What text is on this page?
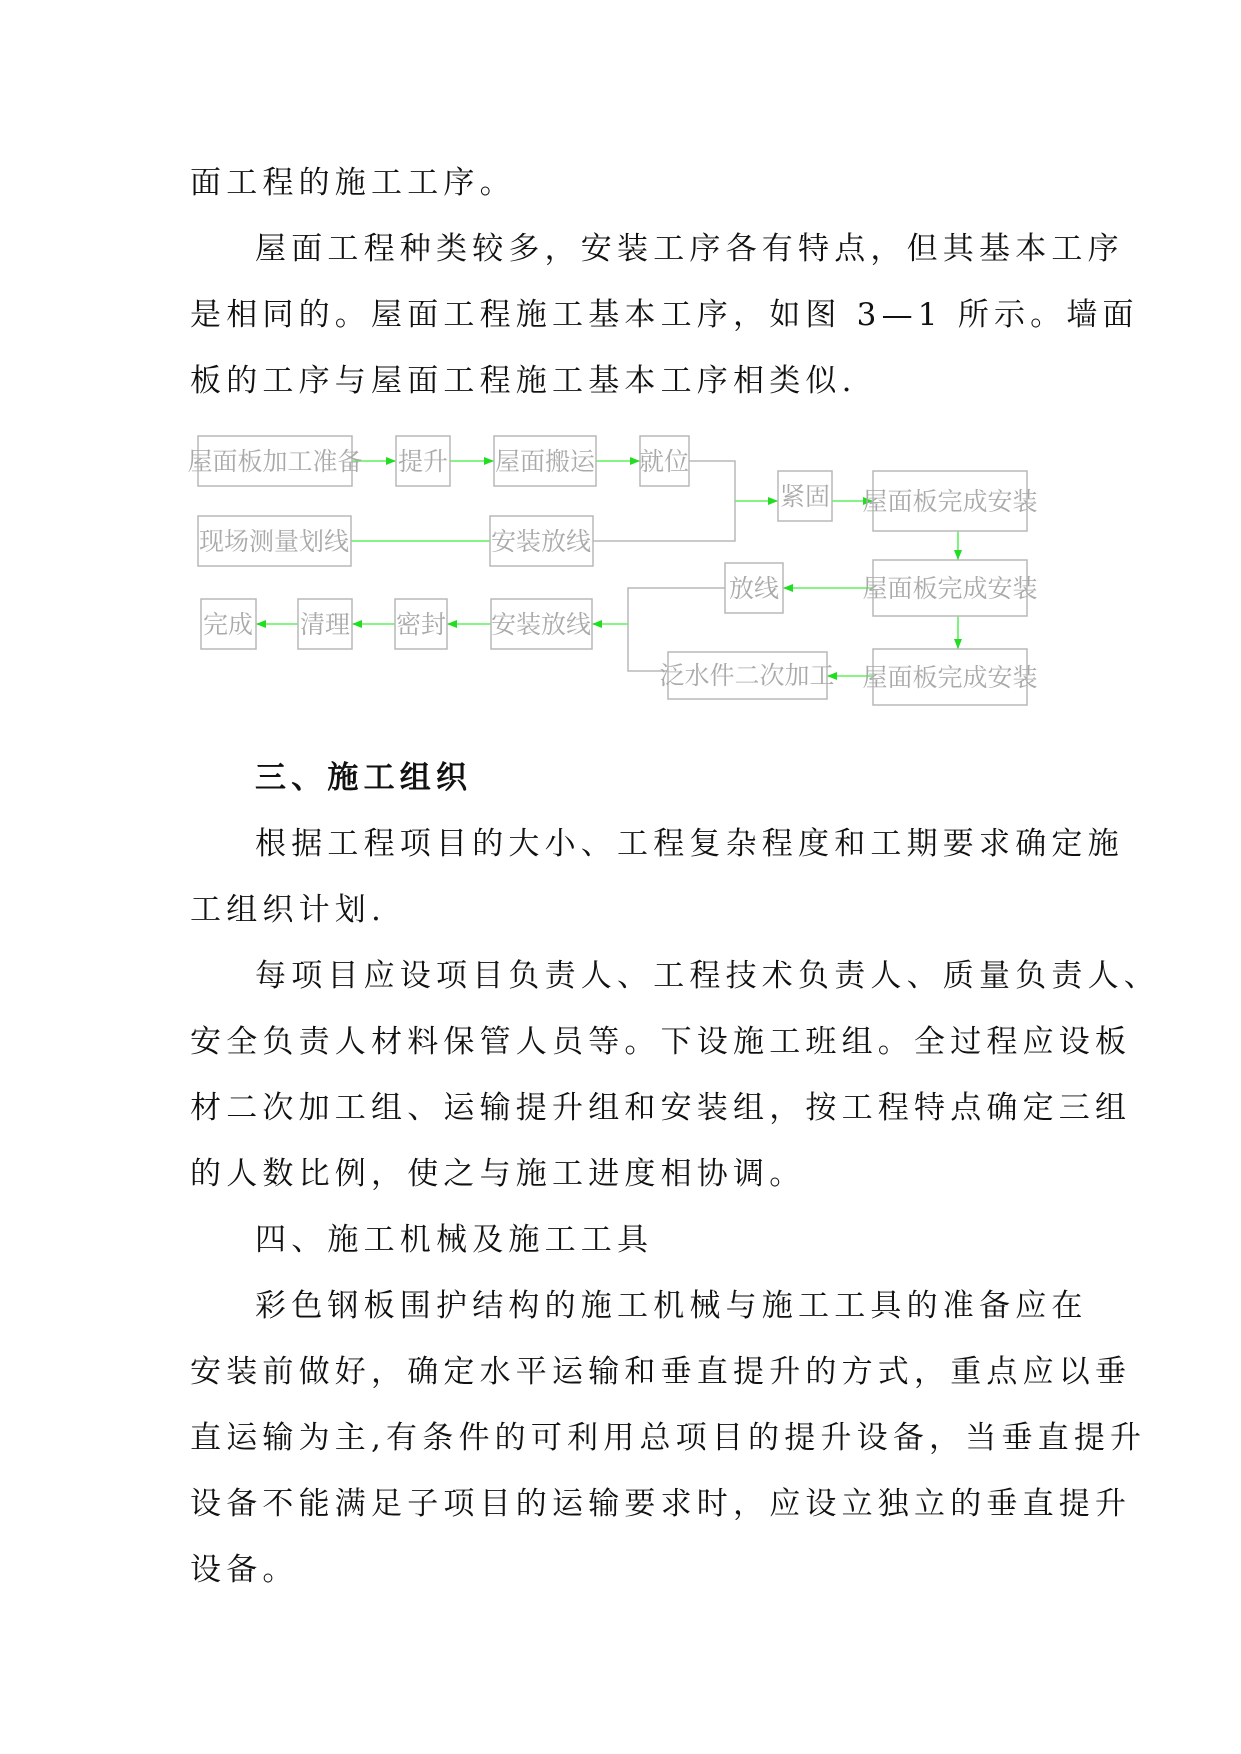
面工程的施工工序。
屋面工程种类较多，安装工序各有特点，但其基本工序
是相同的。屋面工程施工基本工序，如图 3—1 所示。墙面
板的工序与屋面工程施工基本工序相类似.
屋面板加工准备 提升 屋面搬运 就位
现场测量划线	安装放线
紧固 屋面板完成安装
放线	屋面板完成安装
屋面板完成安装
泛水件二次加工
安装放线
密封
清理
完成
三、施工组织
根据工程项目的大小、工程复杂程度和工期要求确定施
工组织计划.
每项目应设项目负责人、工程技术负责人、质量负责人、
安全负责人材料保管人员等。下设施工班组。全过程应设板
材二次加工组、运输提升组和安装组，按工程特点确定三组
的人数比例，使之与施工进度相协调。
四、施工机械及施工工具
彩色钢板围护结构的施工机械与施工工具的准备应在
安装前做好，确定水平运输和垂直提升的方式，重点应以垂
直运输为主,有条件的可利用总项目的提升设备，当垂直提升
设备不能满足子项目的运输要求时，应设立独立的垂直提升
设备。
